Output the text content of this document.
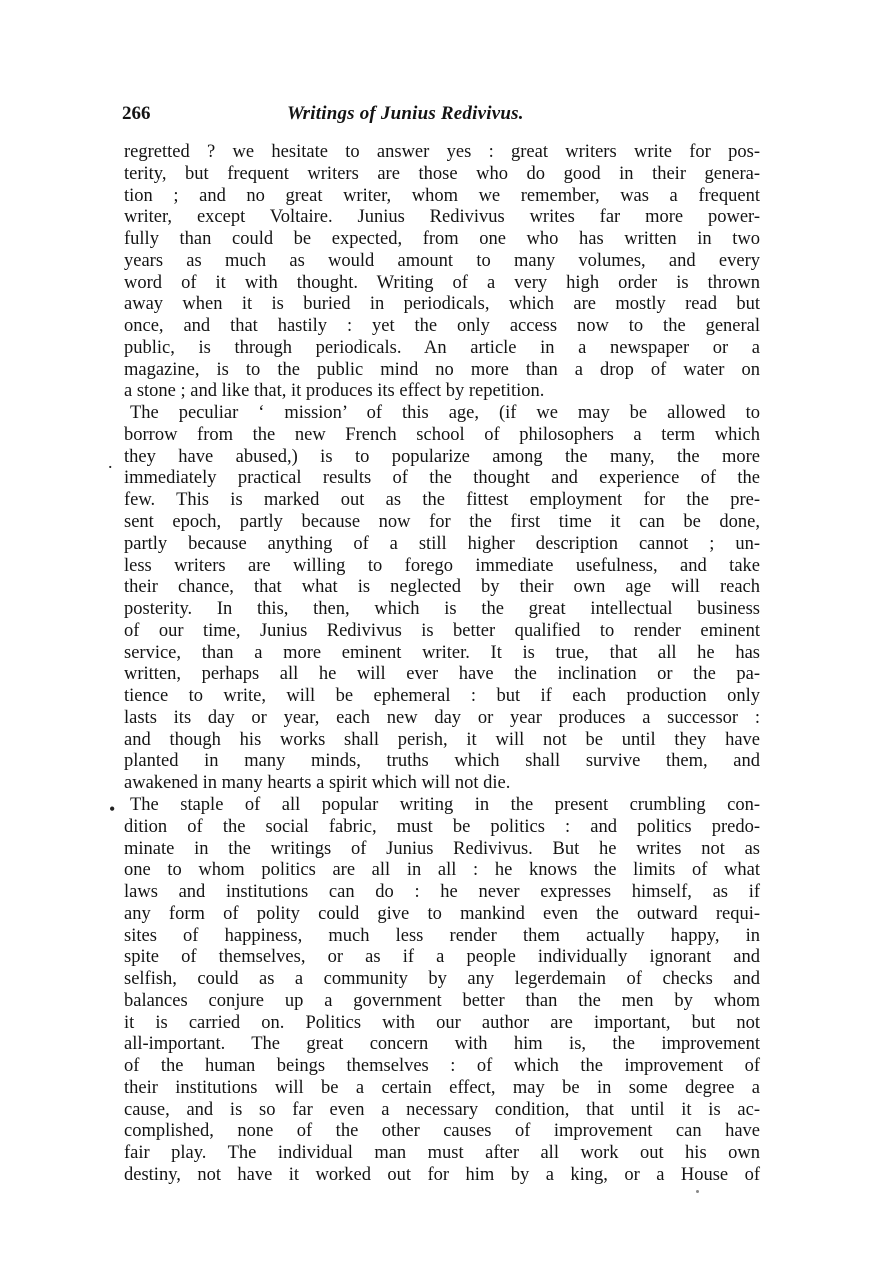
266	Writings of Junius Redivivus.
.
•
regretted ? we hesitate to answer yes : great writers write for pos-
terity, but frequent writers are those who do good in their genera-
tion ; and no great writer, whom we remember, was a frequent
writer, except Voltaire. Junius Redivivus writes far more power-
fully than could be expected, from one who has written in two
years as much as would amount to many volumes, and every
word of it with thought. Writing of a very high order is thrown
away when it is buried in periodicals, which are mostly read but
once, and that hastily : yet the only access now to the general
public, is through periodicals. An article in a newspaper or a
magazine, is to the public mind no more than a drop of water on
a stone ; and like that, it produces its effect by repetition.
The peculiar ‘ mission’ of this age, (if we may be allowed to
borrow from the new French school of philosophers a term which
they have abused,) is to popularize among the many, the more
immediately practical results of the thought and experience of the
few. This is marked out as the fittest employment for the pre-
sent epoch, partly because now for the first time it can be done,
partly because anything of a still higher description cannot ; un-
less writers are willing to forego immediate usefulness, and take
their chance, that what is neglected by their own age will reach
posterity. In this, then, which is the great intellectual business
of our time, Junius Redivivus is better qualified to render eminent
service, than a more eminent writer. It is true, that all he has
written, perhaps all he will ever have the inclination or the pa-
tience to write, will be ephemeral : but if each production only
lasts its day or year, each new day or year produces a successor :
and though his works shall perish, it will not be until they have
planted in many minds, truths which shall survive them, and
awakened in many hearts a spirit which will not die.
The staple of all popular writing in the present crumbling con-
dition of the social fabric, must be politics : and politics predo-
minate in the writings of Junius Redivivus. But he writes not as
one to whom politics are all in all : he knows the limits of what
laws and institutions can do : he never expresses himself, as if
any form of polity could give to mankind even the outward requi-
sites of happiness, much less render them actually happy, in
spite of themselves, or as if a people individually ignorant and
selfish, could as a community by any legerdemain of checks and
balances conjure up a government better than the men by whom
it is carried on. Politics with our author are important, but not
all-important. The great concern with him is, the improvement
of the human beings themselves : of which the improvement of
their institutions will be a certain effect, may be in some degree a
cause, and is so far even a necessary condition, that until it is ac-
complished, none of the other causes of improvement can have
fair play. The individual man must after all work out his own
destiny, not have it worked out for him by a king, or a House of
